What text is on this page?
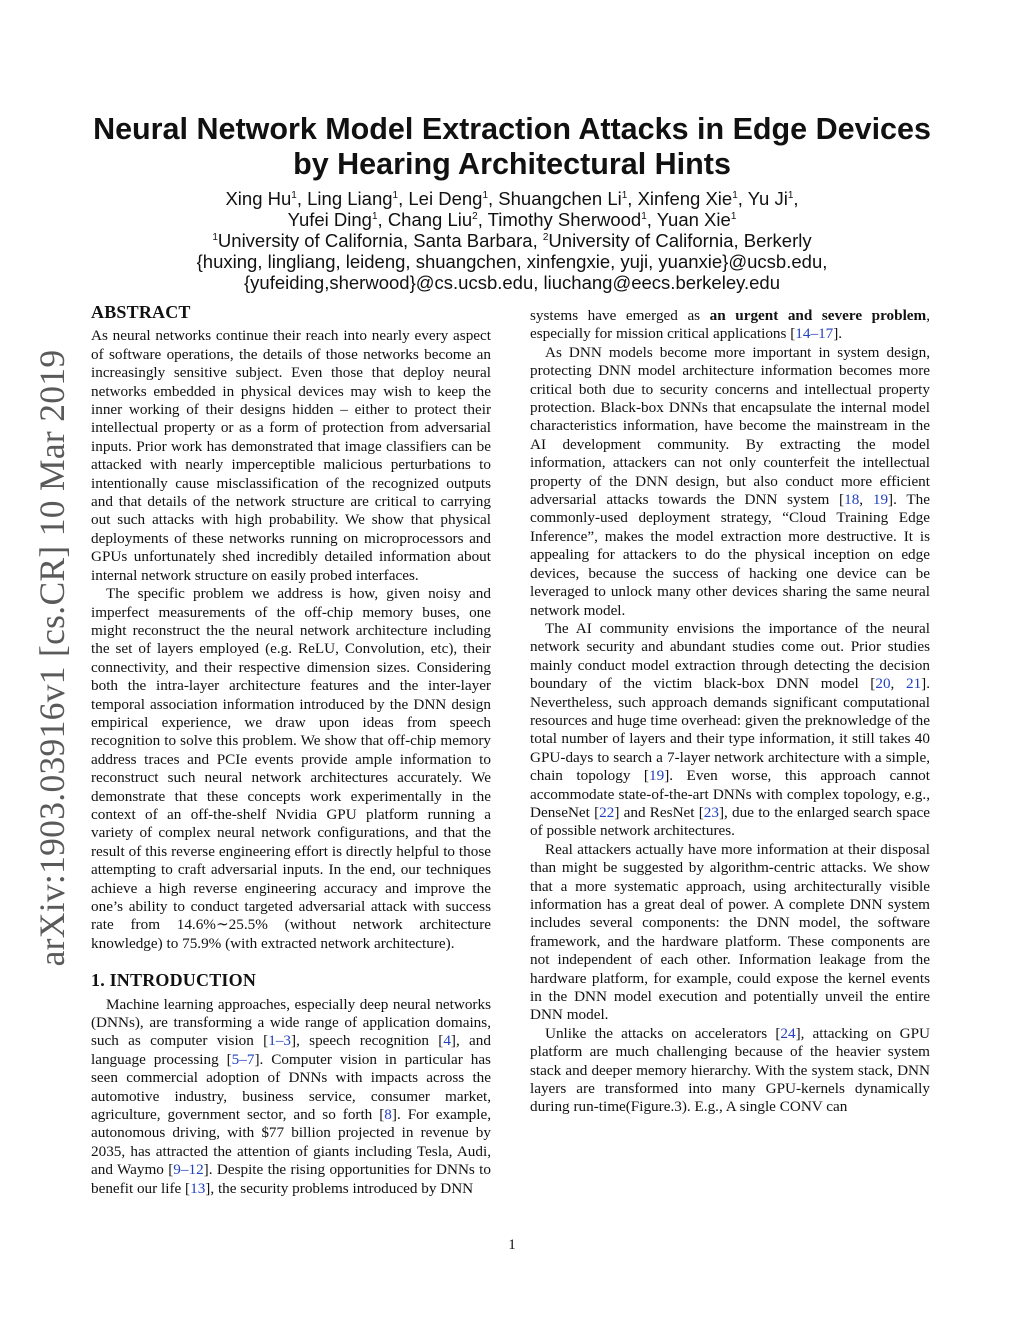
arXiv:1903.03916v1 [cs.CR] 10 Mar 2019
Neural Network Model Extraction Attacks in Edge Devices
by Hearing Architectural Hints
Xing Hu$^1$, Ling Liang$^1$, Lei Deng$^1$, Shuangchen Li$^1$, Xinfeng Xie$^1$, Yu Ji$^1$,
Yufei Ding$^1$, Chang Liu$^2$, Timothy Sherwood$^1$, Yuan Xie$^1$
$^1$University of California, Santa Barbara, $^2$University of California, Berkerly
{huxing, lingliang, leideng, shuangchen, xinfengxie, yuji, yuanxie}@ucsb.edu,
{yufeiding,sherwood}@cs.ucsb.edu, liuchang@eecs.berkeley.edu
ABSTRACT

As neural networks continue their reach into nearly every aspect of software operations, the details of those networks become an increasingly sensitive subject. Even those that deploy neural networks embedded in physical devices may wish to keep the inner working of their designs hidden – either to protect their intellectual property or as a form of protection from adversarial inputs. Prior work has demonstrated that image classifiers can be attacked with nearly imperceptible malicious perturbations to intentionally cause misclassification of the recognized outputs and that details of the network structure are critical to carrying out such attacks with high probability. We show that physical deployments of these networks running on microprocessors and GPUs unfortunately shed incredibly detailed information about internal network structure on easily probed interfaces.

The specific problem we address is how, given noisy and imperfect measurements of the off-chip memory buses, one might reconstruct the the neural network architecture including the set of layers employed (e.g. ReLU, Convolution, etc), their connectivity, and their respective dimension sizes. Considering both the intra-layer architecture features and the inter-layer temporal association information introduced by the DNN design empirical experience, we draw upon ideas from speech recognition to solve this problem. We show that off-chip memory address traces and PCIe events provide ample information to reconstruct such neural network architectures accurately. We demonstrate that these concepts work experimentally in the context of an off-the-shelf Nvidia GPU platform running a variety of complex neural network configurations, and that the result of this reverse engineering effort is directly helpful to those attempting to craft adversarial inputs. In the end, our techniques achieve a high reverse engineering accuracy and improve the one’s ability to conduct targeted adversarial attack with success rate from 14.6%∼25.5% (without network architecture knowledge) to 75.9% (with extracted network architecture).

1. INTRODUCTION

Machine learning approaches, especially deep neural networks (DNNs), are transforming a wide range of application domains, such as computer vision [1–3], speech recognition [4], and language processing [5–7]. Computer vision in particular has seen commercial adoption of DNNs with impacts across the automotive industry, business service, consumer market, agriculture, government sector, and so forth [8]. For example, autonomous driving, with $77 billion projected in revenue by 2035, has attracted the attention of giants including Tesla, Audi, and Waymo [9–12]. Despite the rising opportunities for DNNs to benefit our life [13], the security problems introduced by DNN

systems have emerged as an urgent and severe problem, especially for mission critical applications [14–17].

As DNN models become more important in system design, protecting DNN model architecture information becomes more critical both due to security concerns and intellectual property protection. Black-box DNNs that encapsulate the internal model characteristics information, have become the mainstream in the AI development community. By extracting the model information, attackers can not only counterfeit the intellectual property of the DNN design, but also conduct more efficient adversarial attacks towards the DNN system [18, 19]. The commonly-used deployment strategy, “Cloud Training Edge Inference”, makes the model extraction more destructive. It is appealing for attackers to do the physical inception on edge devices, because the success of hacking one device can be leveraged to unlock many other devices sharing the same neural network model.

The AI community envisions the importance of the neural network security and abundant studies come out. Prior studies mainly conduct model extraction through detecting the decision boundary of the victim black-box DNN model [20, 21]. Nevertheless, such approach demands significant computational resources and huge time overhead: given the preknowledge of the total number of layers and their type information, it still takes 40 GPU-days to search a 7-layer network architecture with a simple, chain topology [19]. Even worse, this approach cannot accommodate state-of-the-art DNNs with complex topology, e.g., DenseNet [22] and ResNet [23], due to the enlarged search space of possible network architectures.

Real attackers actually have more information at their disposal than might be suggested by algorithm-centric attacks. We show that a more systematic approach, using architecturally visible information has a great deal of power. A complete DNN system includes several components: the DNN model, the software framework, and the hardware platform. These components are not independent of each other. Information leakage from the hardware platform, for example, could expose the kernel events in the DNN model execution and potentially unveil the entire DNN model.

Unlike the attacks on accelerators [24], attacking on GPU platform are much challenging because of the heavier system stack and deeper memory hierarchy. With the system stack, DNN layers are transformed into many GPU-kernels dynamically during run-time(Figure.3). E.g., A single CONV can

1
